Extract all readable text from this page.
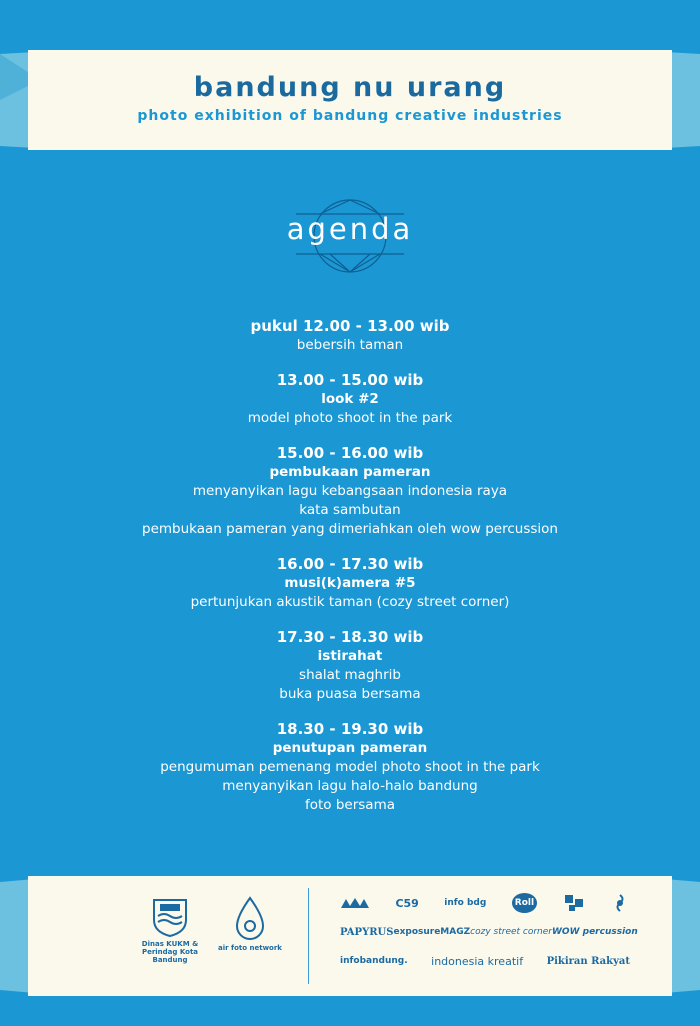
bandung nu urang
photo exhibition of bandung creative industries
agenda
pukul 12.00 - 13.00 wib
bebersih taman
13.00 - 15.00 wib
look #2
model photo shoot in the park
15.00 - 16.00 wib
pembukaan pameran
menyanyikan lagu kebangsaan indonesia raya
kata sambutan
pembukaan pameran yang dimeriahkan oleh wow percussion
16.00 - 17.30 wib
musi(k)amera #5
pertunjukan akustik taman (cozy street corner)
17.30 - 18.30 wib
istirahat
shalat maghrib
buka puasa bersama
18.30 - 19.30 wib
penutupan pameran
pengumuman pemenang model photo shoot in the park
menyanyikan lagu halo-halo bandung
foto bersama
Dinas KUKM & Perindag Kota Bandung
air foto network
C59	info bdg	Roll
PAPYRUS exposureMAGZ cozy street corner WOW percussion
infobandung. indonesia kreatif Pikiran Rakyat
